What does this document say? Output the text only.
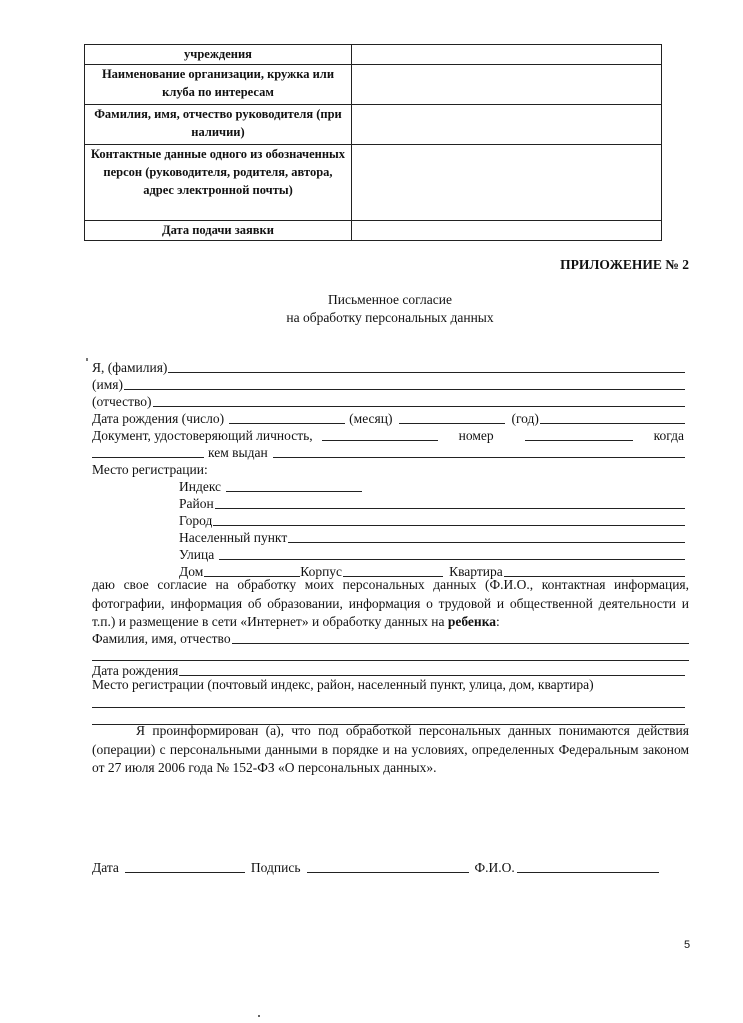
учреждения	
Наименование организации, кружка или клуба по интересам	
Фамилия, имя, отчество руководителя (при наличии)	
Контактные данные одного из обозначенных персон (руководителя, родителя, автора, адрес электронной почты)	
Дата подачи заявки	
ПРИЛОЖЕНИЕ № 2
Письменное согласие
на обработку персональных данных
Я, (фамилия)
(имя)
(отчество)
Дата рождения (число)	(месяц)	(год)
Документ, удостоверяющий личность,	номер	когда
кем выдан
Место регистрации:
Индекс
Район
Город
Населенный пункт
Улица
Дом	Корпус	Квартира
даю свое согласие на обработку моих персональных данных (Ф.И.О., контактная информация, фотографии, информация об образовании, информация о трудовой и общественной деятельности и т.п.) и размещение в сети «Интернет» и обработку данных на ребенка:
Фамилия, имя, отчество
Дата рождения
Место регистрации (почтовый индекс, район, населенный пункт, улица, дом, квартира)
Я проинформирован (а), что под обработкой персональных данных понимаются действия (операции) с персональными данными в порядке и на условиях, определенных Федеральным законом от 27 июля 2006 года № 152-ФЗ «О персональных данных».
Дата	Подпись	Ф.И.О.
5
